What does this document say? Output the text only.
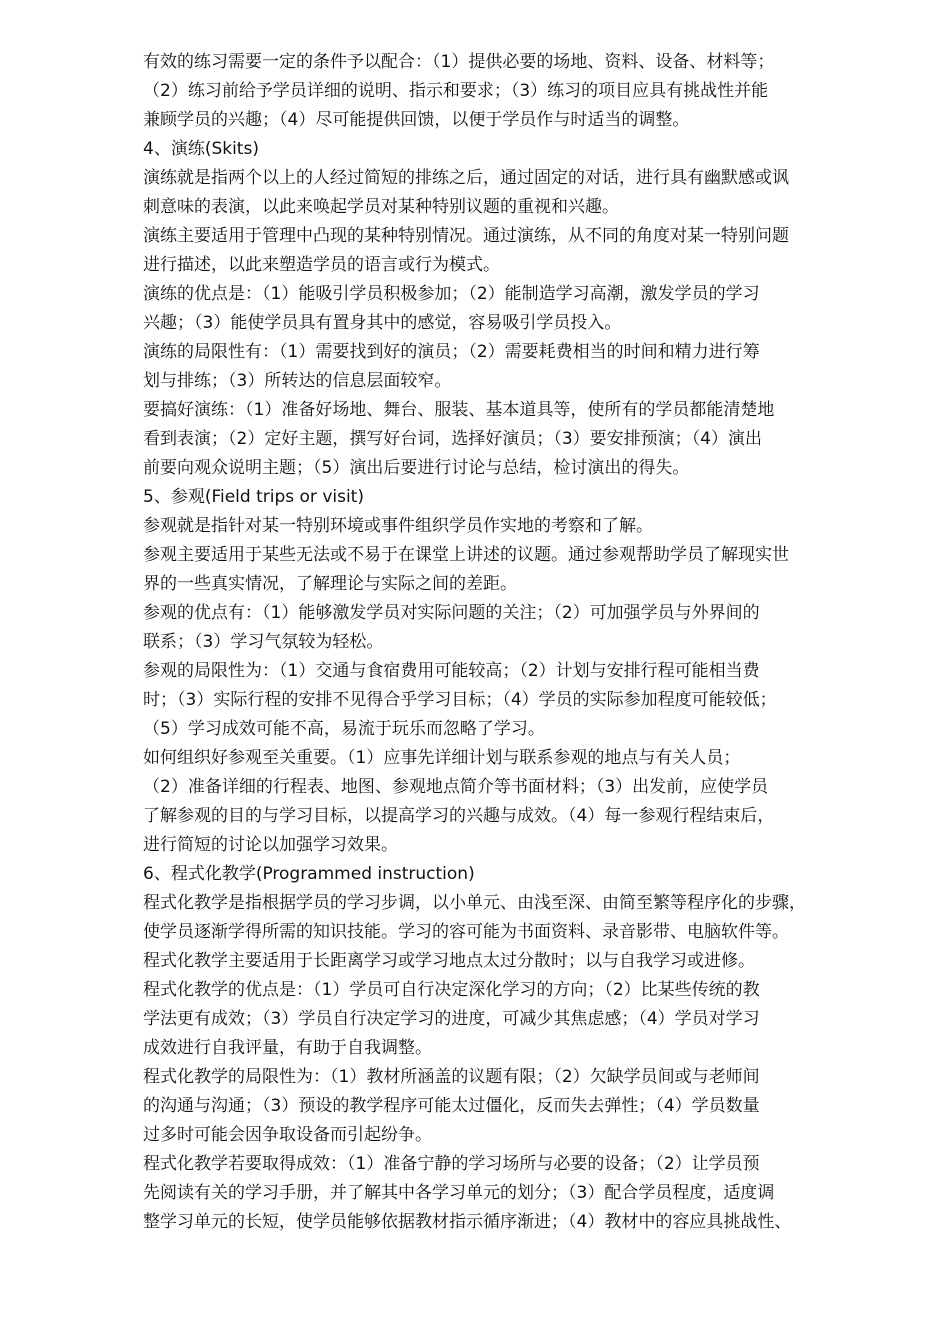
有效的练习需要一定的条件予以配合：（1）提供必要的场地、资料、设备、材料等；
（2）练习前给予学员详细的说明、指示和要求；（3）练习的项目应具有挑战性并能
兼顾学员的兴趣；（4）尽可能提供回馈，以便于学员作与时适当的调整。
4、演练(Skits)
演练就是指两个以上的人经过简短的排练之后，通过固定的对话，进行具有幽默感或讽
刺意味的表演，以此来唤起学员对某种特别议题的重视和兴趣。
演练主要适用于管理中凸现的某种特别情况。通过演练，从不同的角度对某一特别问题
进行描述，以此来塑造学员的语言或行为模式。
演练的优点是：（1）能吸引学员积极参加；（2）能制造学习高潮，激发学员的学习
兴趣；（3）能使学员具有置身其中的感觉，容易吸引学员投入。
演练的局限性有：（1）需要找到好的演员；（2）需要耗费相当的时间和精力进行筹
划与排练；（3）所转达的信息层面较窄。
要搞好演练：（1）准备好场地、舞台、服装、基本道具等，使所有的学员都能清楚地
看到表演；（2）定好主题，撰写好台词，选择好演员；（3）要安排预演；（4）演出
前要向观众说明主题；（5）演出后要进行讨论与总结，检讨演出的得失。
5、参观(Field trips or visit)
参观就是指针对某一特别环境或事件组织学员作实地的考察和了解。
参观主要适用于某些无法或不易于在课堂上讲述的议题。通过参观帮助学员了解现实世
界的一些真实情况，了解理论与实际之间的差距。
参观的优点有：（1）能够激发学员对实际问题的关注；（2）可加强学员与外界间的
联系；（3）学习气氛较为轻松。
参观的局限性为：（1）交通与食宿费用可能较高；（2）计划与安排行程可能相当费
时；（3）实际行程的安排不见得合乎学习目标；（4）学员的实际参加程度可能较低；
（5）学习成效可能不高，易流于玩乐而忽略了学习。
如何组织好参观至关重要。（1）应事先详细计划与联系参观的地点与有关人员；
（2）准备详细的行程表、地图、参观地点简介等书面材料；（3）出发前，应使学员
了解参观的目的与学习目标，以提高学习的兴趣与成效。（4）每一参观行程结束后，
进行简短的讨论以加强学习效果。
6、程式化教学(Programmed instruction)
程式化教学是指根据学员的学习步调，以小单元、由浅至深、由简至繁等程序化的步骤，
使学员逐渐学得所需的知识技能。学习的容可能为书面资料、录音影带、电脑软件等。
程式化教学主要适用于长距离学习或学习地点太过分散时；以与自我学习或进修。
程式化教学的优点是：（1）学员可自行决定深化学习的方向；（2）比某些传统的教
学法更有成效；（3）学员自行决定学习的进度，可减少其焦虑感；（4）学员对学习
成效进行自我评量，有助于自我调整。
程式化教学的局限性为：（1）教材所涵盖的议题有限；（2）欠缺学员间或与老师间
的沟通与沟通；（3）预设的教学程序可能太过僵化，反而失去弹性；（4）学员数量
过多时可能会因争取设备而引起纷争。
程式化教学若要取得成效：（1）准备宁静的学习场所与必要的设备；（2）让学员预
先阅读有关的学习手册，并了解其中各学习单元的划分；（3）配合学员程度，适度调
整学习单元的长短，使学员能够依据教材指示循序渐进；（4）教材中的容应具挑战性、
